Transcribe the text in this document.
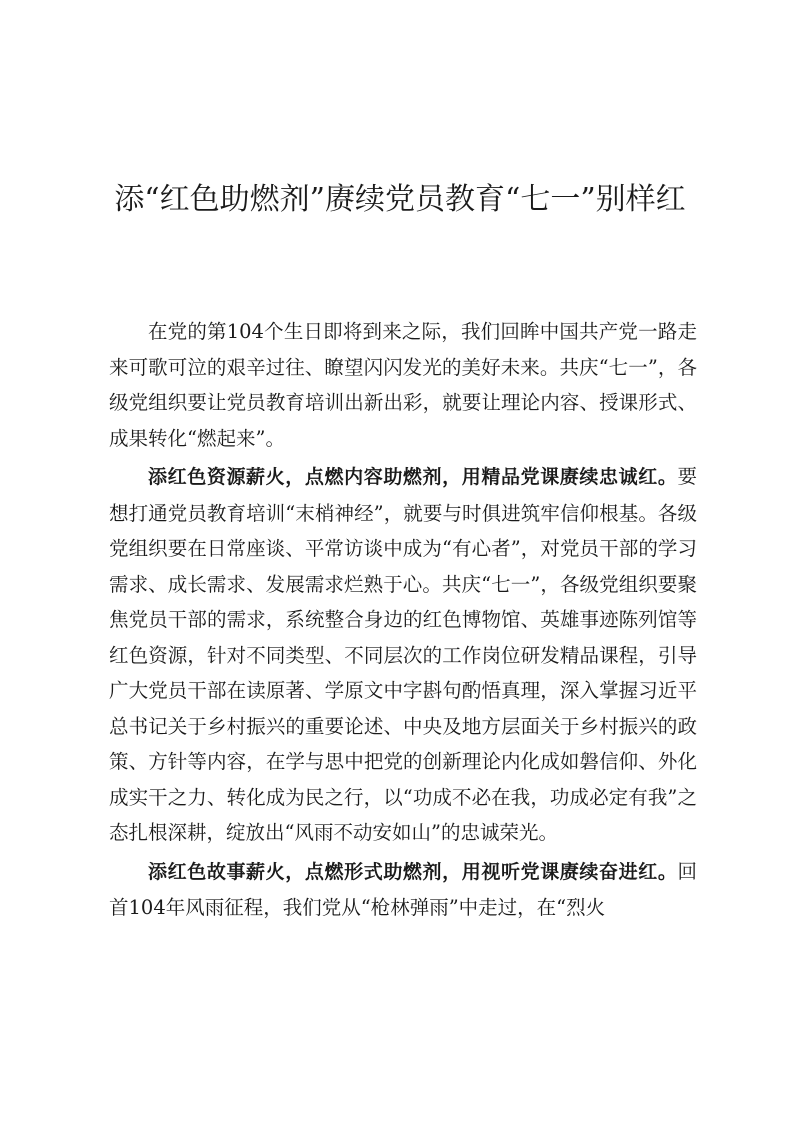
添“红色助燃剂”赓续党员教育“七一”别样红

在党的第104个生日即将到来之际，我们回眸中国共产党一路走来可歌可泣的艰辛过往、瞭望闪闪发光的美好未来。共庆“七一”，各级党组织要让党员教育培训出新出彩，就要让理论内容、授课形式、成果转化“燃起来”。

添红色资源薪火，点燃内容助燃剂，用精品党课赓续忠诚红。要想打通党员教育培训“末梢神经”，就要与时俱进筑牢信仰根基。各级党组织要在日常座谈、平常访谈中成为“有心者”，对党员干部的学习需求、成长需求、发展需求烂熟于心。共庆“七一”，各级党组织要聚焦党员干部的需求，系统整合身边的红色博物馆、英雄事迹陈列馆等红色资源，针对不同类型、不同层次的工作岗位研发精品课程，引导广大党员干部在读原著、学原文中字斟句酌悟真理，深入掌握习近平总书记关于乡村振兴的重要论述、中央及地方层面关于乡村振兴的政策、方针等内容，在学与思中把党的创新理论内化成如磐信仰、外化成实干之力、转化成为民之行，以“功成不必在我，功成必定有我”之态扎根深耕，绽放出“风雨不动安如山”的忠诚荣光。

添红色故事薪火，点燃形式助燃剂，用视听党课赓续奋进红。回首104年风雨征程，我们党从“枪林弹雨”中走过，在“烈火
